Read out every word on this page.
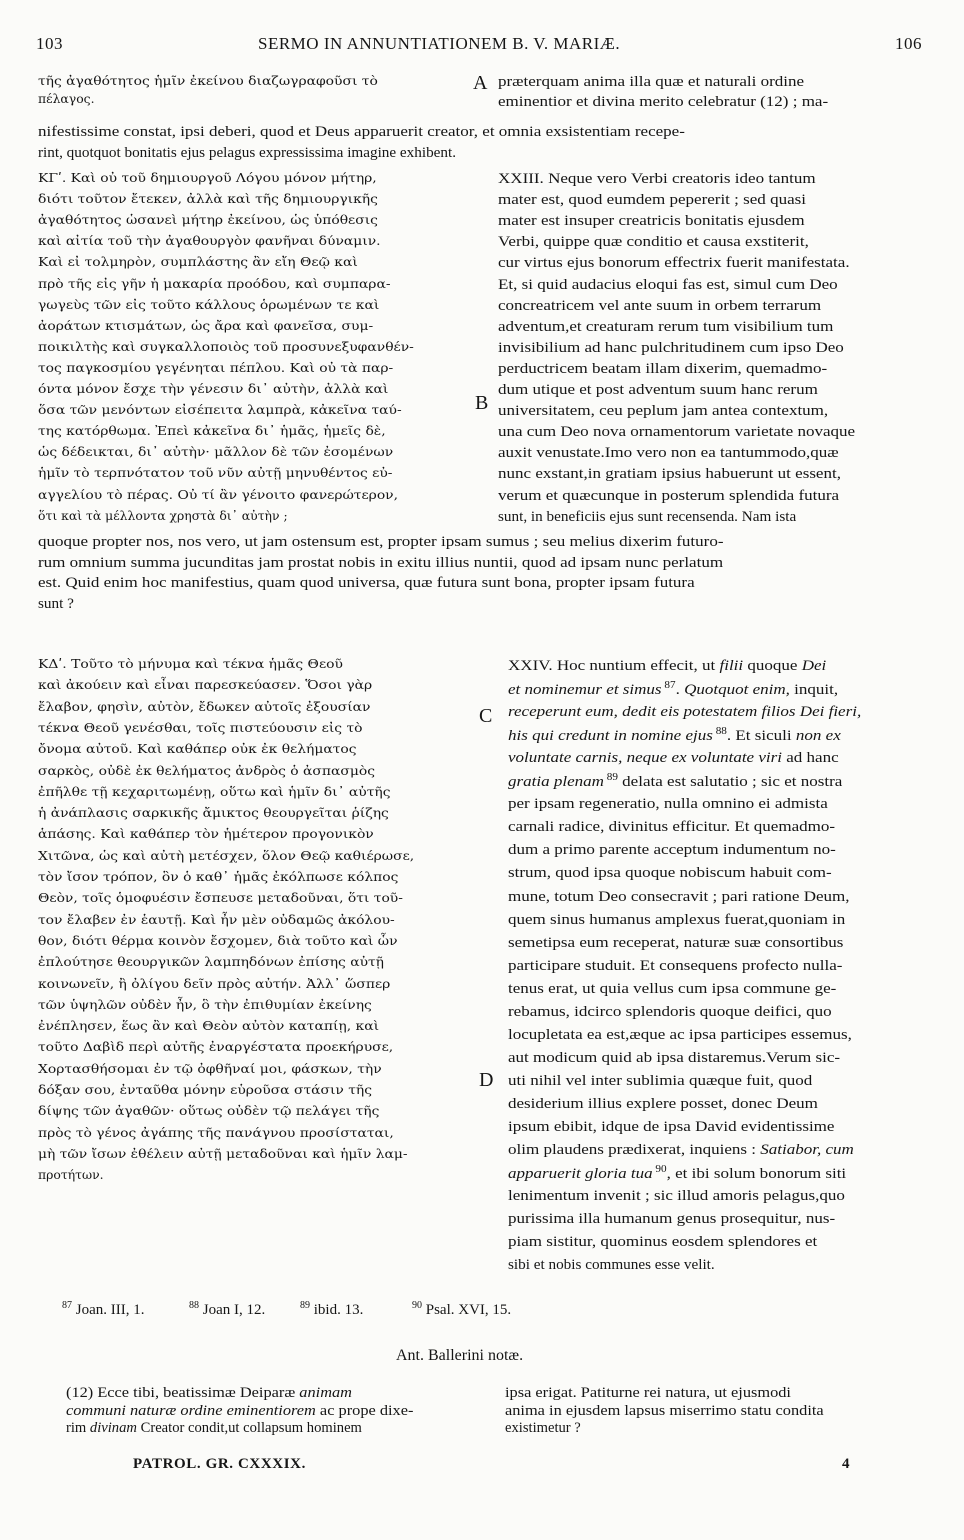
103	SERMO IN ANNUNTIATIONEM B. V. MARIÆ.	106
A
B
C
D
τῆς ἀγαθότητος ἡμῖν ἐκείνου διαζωγραφοῦσι τὸ
πέλαγος.
præterquam anima illa quæ et naturali ordine
eminentior et divina merito celebratur (12) ; ma-
nifestissime constat, ipsi deberi, quod et Deus apparuerit creator, et omnia exsistentiam recepe-
rint, quotquot bonitatis ejus pelagus expressissima imagine exhibent.
ΚΓʹ. Καὶ οὐ τοῦ δημιουργοῦ Λόγου μόνον μήτηρ,
διότι τοῦτον ἔτεκεν, ἀλλὰ καὶ τῆς δημιουργικῆς
ἀγαθότητος ὡσανεὶ μήτηρ ἐκείνου, ὡς ὑπόθεσις
καὶ αἰτία τοῦ τὴν ἀγαθουργὸν φανῆναι δύναμιν.
Καὶ εἰ τολμηρὸν, συμπλάστης ἂν εἴη Θεῷ καὶ
πρὸ τῆς εἰς γῆν ἡ μακαρία προόδου, καὶ συμπαρα-
γωγεὺς τῶν εἰς τοῦτο κάλλους ὁρωμένων τε καὶ
ἀοράτων κτισμάτων, ὡς ἄρα καὶ φανεῖσα, συμ-
ποικιλτὴς καὶ συγκαλλοποιὸς τοῦ προσυνεξυφανθέν-
τος παγκοσμίου γεγένηται πέπλου. Καὶ οὐ τὰ παρ-
όντα μόνον ἔσχε τὴν γένεσιν δι᾽ αὐτὴν, ἀλλὰ καὶ
ὅσα τῶν μενόντων εἰσέπειτα λαμπρὰ, κἀκεῖνα ταύ-
της κατόρθωμα. Ἐπεὶ κἀκεῖνα δι᾽ ἡμᾶς, ἡμεῖς δὲ,
ὡς δέδεικται, δι᾽ αὐτὴν· μᾶλλον δὲ τῶν ἐσομένων
ἡμῖν τὸ τερπνότατον τοῦ νῦν αὐτῇ μηνυθέντος εὐ-
αγγελίου τὸ πέρας. Οὐ τί ἂν γένοιτο φανερώτερον,
ὅτι καὶ τὰ μέλλοντα χρηστὰ δι᾽ αὐτὴν ;
XXIII. Neque vero Verbi creatoris ideo tantum
mater est, quod eumdem pepererit ; sed quasi
mater est insuper creatricis bonitatis ejusdem
Verbi, quippe quæ conditio et causa exstiterit,
cur virtus ejus bonorum effectrix fuerit manifestata.
Et, si quid audacius eloqui fas est, simul cum Deo
concreatricem vel ante suum in orbem terrarum
adventum,et creaturam rerum tum visibilium tum
invisibilium ad hanc pulchritudinem cum ipso Deo
perductricem beatam illam dixerim, quemadmo-
dum utique et post adventum suum hanc rerum
universitatem, ceu peplum jam antea contextum,
una cum Deo nova ornamentorum varietate novaque
auxit venustate.Imo vero non ea tantummodo,quæ
nunc exstant,in gratiam ipsius habuerunt ut essent,
verum et quæcunque in posterum splendida futura
sunt, in beneficiis ejus sunt recensenda. Nam ista
quoque propter nos, nos vero, ut jam ostensum est, propter ipsam sumus ; seu melius dixerim futuro-
rum omnium summa jucunditas jam prostat nobis in exitu illius nuntii, quod ad ipsam nunc perlatum
est. Quid enim hoc manifestius, quam quod universa, quæ futura sunt bona, propter ipsam futura
sunt ?
ΚΔʹ. Τοῦτο τὸ μήνυμα καὶ τέκνα ἡμᾶς Θεοῦ
καὶ ἀκούειν καὶ εἶναι παρεσκεύασεν. Ὅσοι γὰρ
ἔλαβον, φησὶν, αὐτὸν, ἔδωκεν αὐτοῖς ἐξουσίαν
τέκνα Θεοῦ γενέσθαι, τοῖς πιστεύουσιν εἰς τὸ
ὄνομα αὐτοῦ. Καὶ καθάπερ οὐκ ἐκ θελήματος
σαρκὸς, οὐδὲ ἐκ θελήματος ἀνδρὸς ὁ ἀσπασμὸς
ἐπῆλθε τῇ κεχαριτωμένῃ, οὕτω καὶ ἡμῖν δι᾽ αὐτῆς
ἡ ἀνάπλασις σαρκικῆς ἄμικτος θεουργεῖται ῥίζης
ἁπάσης. Καὶ καθάπερ τὸν ἡμέτερον προγονικὸν
Χιτῶνα, ὡς καὶ αὐτὴ μετέσχεν, ὅλον Θεῷ καθιέρωσε,
τὸν ἴσον τρόπον, ὃν ὁ καθ᾽ ἡμᾶς ἐκόλπωσε κόλπος
Θεὸν, τοῖς ὁμοφυέσιν ἔσπευσε μεταδοῦναι, ὅτι τοῦ-
τον ἔλαβεν ἐν ἑαυτῇ. Καὶ ἦν μὲν οὐδαμῶς ἀκόλου-
θον, διότι θέρμα κοινὸν ἔσχομεν, διὰ τοῦτο καὶ ὧν
ἐπλούτησε θεουργικῶν λαμπηδόνων ἐπίσης αὐτῇ
κοινωνεῖν, ἢ ὀλίγου δεῖν πρὸς αὐτήν. Ἀλλ᾽ ὥσπερ
τῶν ὑψηλῶν οὐδὲν ἦν, ὃ τὴν ἐπιθυμίαν ἐκείνης
ἐνέπλησεν, ἕως ἂν καὶ Θεὸν αὐτὸν καταπίῃ, καὶ
τοῦτο Δαβὶδ περὶ αὐτῆς ἐναργέστατα προεκήρυσε,
Χορτασθήσομαι ἐν τῷ ὀφθῆναί μοι, φάσκων, τὴν
δόξαν σου, ἐνταῦθα μόνην εὑροῦσα στάσιν τῆς
δίψης τῶν ἀγαθῶν· οὕτως οὐδὲν τῷ πελάγει τῆς
πρὸς τὸ γένος ἀγάπης τῆς πανάγνου προσίσταται,
μὴ τῶν ἴσων ἐθέλειν αὐτῇ μεταδοῦναι καὶ ἡμῖν λαμ-
προτήτων.
XXIV. Hoc nuntium effecit, ut filii quoque Dei
et nominemur et simus $^{87}$. Quotquot enim, inquit,
receperunt eum, dedit eis potestatem filios Dei fieri,
his qui credunt in nomine ejus $^{88}$. Et siculi non ex
voluntate carnis, neque ex voluntate viri ad hanc
gratia plenam $^{89}$ delata est salutatio ; sic et nostra
per ipsam regeneratio, nulla omnino ei admista
carnali radice, divinitus efficitur. Et quemadmo-
dum a primo parente acceptum indumentum no-
strum, quod ipsa quoque nobiscum habuit com-
mune, totum Deo consecravit ; pari ratione Deum,
quem sinus humanus amplexus fuerat,quoniam in
semetipsa eum receperat, naturæ suæ consortibus
participare studuit. Et consequens profecto nulla-
tenus erat, ut quia vellus cum ipsa commune ge-
rebamus, idcirco splendoris quoque deifici, quo
locupletata ea est,æque ac ipsa participes essemus,
aut modicum quid ab ipsa distaremus.Verum sic-
uti nihil vel inter sublimia quæque fuit, quod
desiderium illius explere posset, donec Deum
ipsum ebibit, idque de ipsa David evidentissime
olim plaudens prædixerat, inquiens : Satiabor, cum
apparuerit gloria tua $^{90}$, et ibi solum bonorum siti
lenimentum invenit ; sic illud amoris pelagus,quo
purissima illa humanum genus prosequitur, nus-
piam sistitur, quominus eosdem splendores et
sibi et nobis communes esse velit.
(12) Ecce tibi, beatissimæ Deiparæ animam
communi naturæ ordine eminentiorem ac prope dixe-
rim divinam Creator condit,ut collapsum hominem
ipsa erigat. Patiturne rei natura, ut ejusmodi
anima in ejusdem lapsus miserrimo statu condita
existimetur ?
$^{87}$ Joan. III, 1.	$^{88}$ Joan I, 12.	$^{89}$ ibid. 13.	$^{90}$ Psal. XVI, 15.
Ant. Ballerini notæ.
PATROL. GR. CXXXIX.	4
